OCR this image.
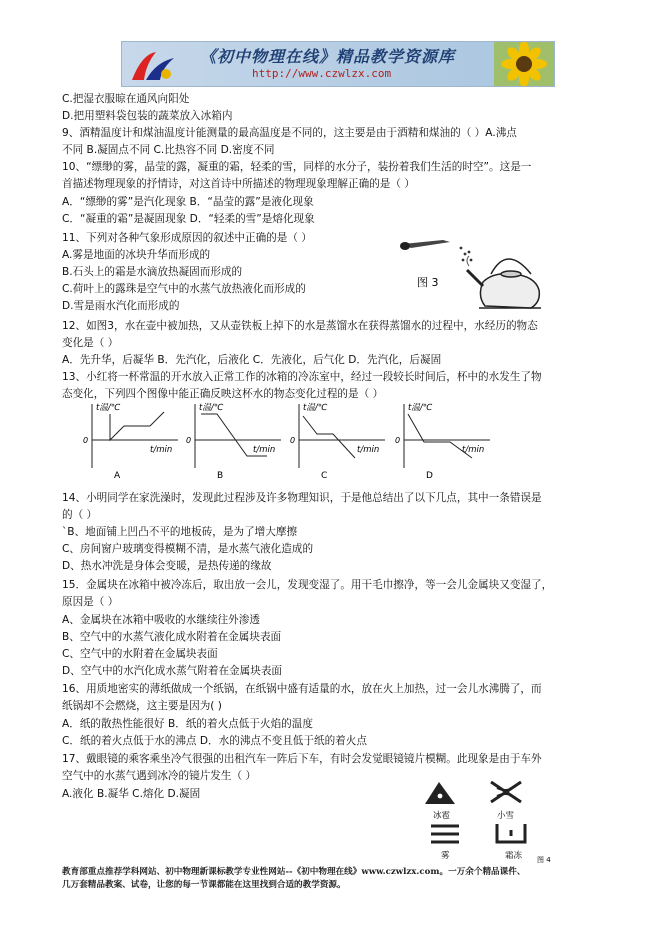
《初中物理在线》精品教学资源库
http://www.czwlzx.com
C.把湿衣服晾在通风向阳处
D.把用塑料袋包装的蔬菜放入冰箱内
9、酒精温度计和煤油温度计能测量的最高温度是不同的，这主要是由于酒精和煤油的（ ）A.沸点
不同 B.凝固点不同 C.比热容不同 D.密度不同
10、“缥缈的雾，晶莹的露，凝重的霜，轻柔的雪，同样的水分子，装扮着我们生活的时空”。这是一
首描述物理现象的抒情诗，对这首诗中所描述的物理现象理解正确的是（ ）
A．“缥缈的雾”是汽化现象 B．“晶莹的露”是液化现象
C．“凝重的霜”是凝固现象 D．“轻柔的雪”是熔化现象
11、下列对各种气象形成原因的叙述中正确的是（ ）
A.雾是地面的冰块升华而形成的
B.石头上的霜是水滴放热凝固而形成的
C.荷叶上的露珠是空气中的水蒸气放热液化而形成的
D.雪是雨水汽化而形成的
12、如图3，水在壶中被加热，又从壶铁板上掉下的水是蒸馏水在获得蒸馏水的过程中，水经历的物态
变化是（ ）
A．先升华，后凝华 B．先汽化，后液化 C．先液化，后气化 D．先汽化，后凝固
13、小红将一杯常温的开水放入正常工作的冰箱的冷冻室中，经过一段较长时间后，杯中的水发生了物
态变化，下列四个图像中能正确反映这杯水的物态变化过程的是（ ）
14、小明同学在家洗澡时，发现此过程涉及许多物理知识，于是他总结出了以下几点，其中一条错误是
的（ ）
`B、地面铺上凹凸不平的地板砖，是为了增大摩擦
C、房间窗户玻璃变得模糊不清，是水蒸气液化造成的
D、热水冲洗是身体会变暖，是热传递的缘故
15．金属块在冰箱中被冷冻后，取出放一会儿，发现变湿了。用干毛巾擦净，等一会儿金属块又变湿了，
原因是（ ）
A、金属块在冰箱中吸收的水继续往外渗透
B、空气中的水蒸气液化成水附着在金属块表面
C、空气中的水附着在金属块表面
D、空气中的水汽化成水蒸气附着在金属块表面
16、用质地密实的薄纸做成一个纸锅，在纸锅中盛有适量的水，放在火上加热，过一会儿水沸腾了，而
纸锅却不会燃烧，这主要是因为( )
A．纸的散热性能很好 B．纸的着火点低于火焰的温度
C．纸的着火点低于水的沸点 D．水的沸点不变且低于纸的着火点
17、戴眼镜的乘客乘坐冷气很强的出租汽车一阵后下车，有时会发觉眼镜镜片模糊。此现象是由于车外
空气中的水蒸气遇到冰冷的镜片发生（ ）
A.液化 B.凝华 C.熔化 D.凝固
图 3
t温/℃
0
t/min
A
t温/℃
0
t/min
B
t温/℃
0
t/min
C
t温/℃
0
t/min
D
冰雹	小雪
雾	霜冻 图 4
教育部重点推荐学科网站、初中物理新课标教学专业性网站--《初中物理在线》www.czwlzx.com。一万余个精品课件、
几万套精品教案、试卷，让您的每一节课都能在这里找到合适的教学资源。
